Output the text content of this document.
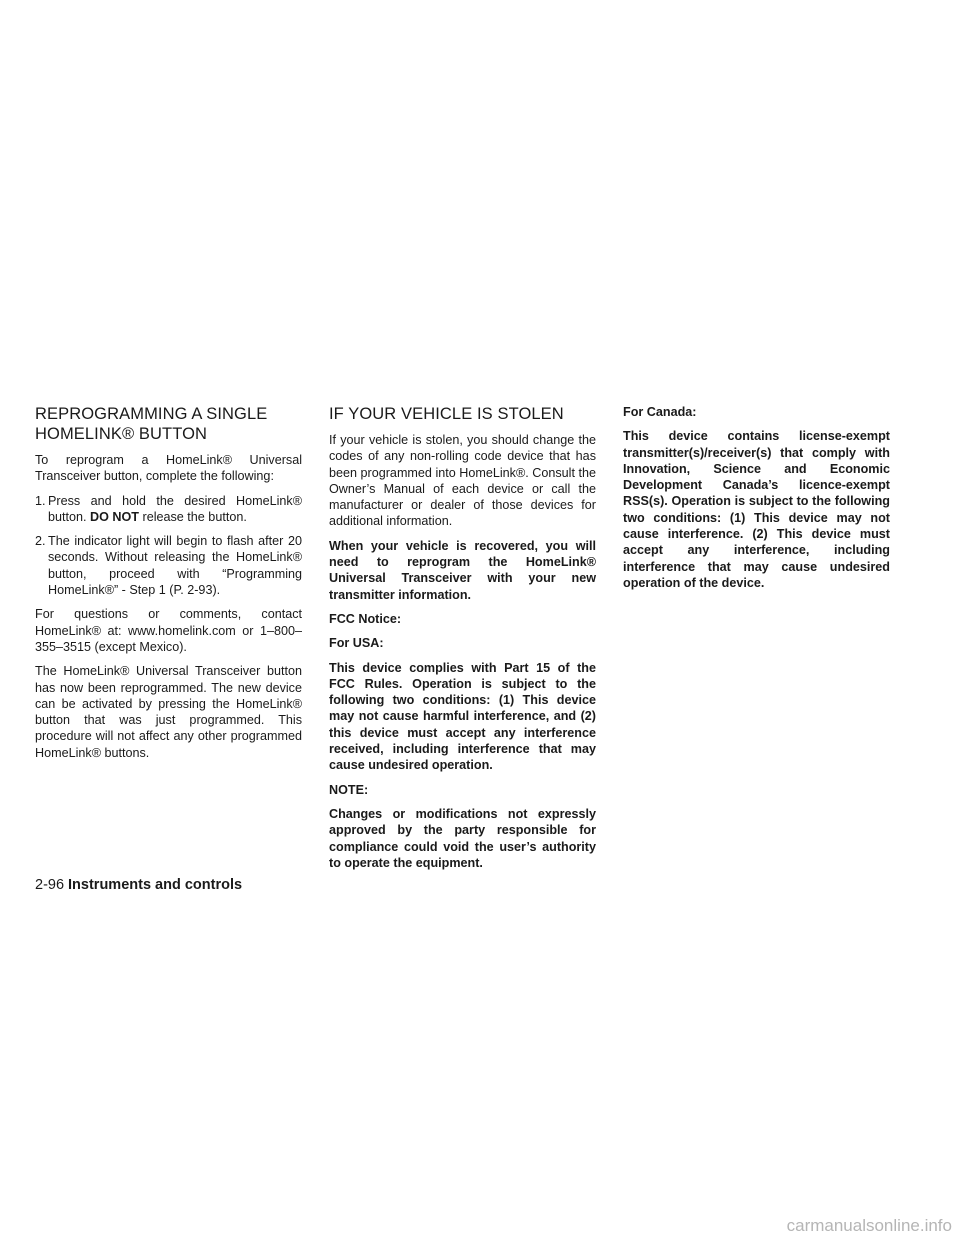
REPROGRAMMING A SINGLE
HOMELINK® BUTTON

To reprogram a HomeLink® Universal Transceiver button, complete the following:

1. Press and hold the desired HomeLink® button. DO NOT release the button.
2. The indicator light will begin to flash after 20 seconds. Without releasing the HomeLink® button, proceed with “Programming HomeLink®” - Step 1 (P. 2-93).

For questions or comments, contact HomeLink® at: www.homelink.com or 1–800–355–3515 (except Mexico).

The HomeLink® Universal Transceiver button has now been reprogrammed. The new device can be activated by pressing the HomeLink® button that was just programmed. This procedure will not affect any other programmed HomeLink® buttons.

IF YOUR VEHICLE IS STOLEN

If your vehicle is stolen, you should change the codes of any non-rolling code device that has been programmed into HomeLink®. Consult the Owner’s Manual of each device or call the manufacturer or dealer of those devices for additional information.

When your vehicle is recovered, you will need to reprogram the HomeLink® Universal Transceiver with your new transmitter information.

FCC Notice:

For USA:

This device complies with Part 15 of the FCC Rules. Operation is subject to the following two conditions: (1) This device may not cause harmful interference, and (2) this device must accept any interference received, including interference that may cause undesired operation.

NOTE:

Changes or modifications not expressly approved by the party responsible for compliance could void the user’s authority to operate the equipment.

For Canada:

This device contains license-exempt transmitter(s)/receiver(s) that comply with Innovation, Science and Economic Development Canada’s licence-exempt RSS(s). Operation is subject to the following two conditions: (1) This device may not cause interference. (2) This device must accept any interference, including interference that may cause undesired operation of the device.

2-96 Instruments and controls
carmanualsonline.info
